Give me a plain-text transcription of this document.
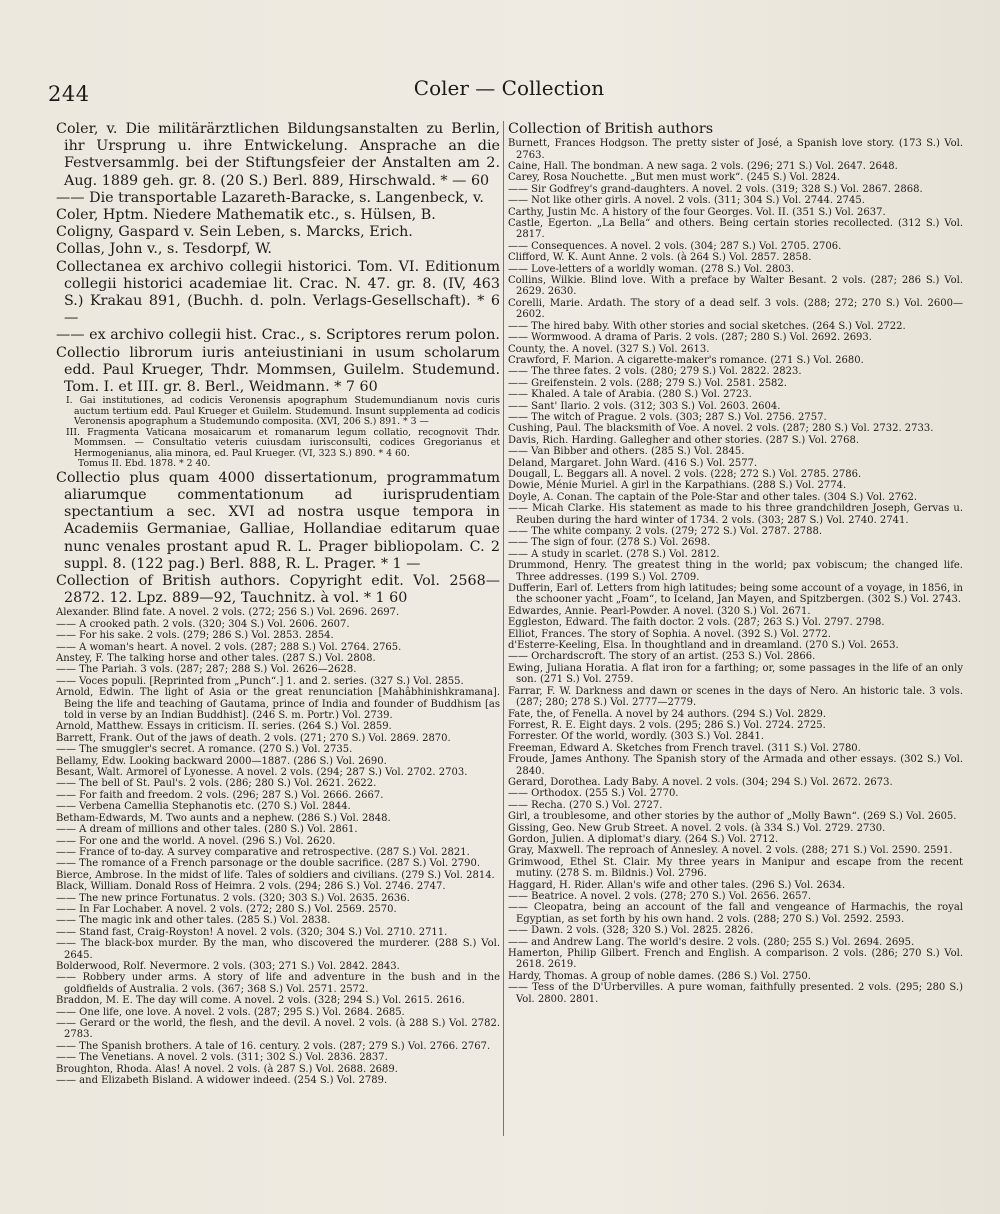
244	Coler — Collection

Coler, v. Die militärärztlichen Bildungsanstalten zu Berlin, ihr Ursprung u. ihre Entwickelung. Ansprache an die Festversammlg. bei der Stiftungsfeier der Anstalten am 2. Aug. 1889 geh. gr. 8. (20 S.) Berl. 889, Hirschwald. * — 60

—— Die transportable Lazareth-Baracke, s. Langenbeck, v.

Coler, Hptm. Niedere Mathematik etc., s. Hülsen, B.

Coligny, Gaspard v. Sein Leben, s. Marcks, Erich.

Collas, John v., s. Tesdorpf, W.

Collectanea ex archivo collegii historici. Tom. VI. Editionum collegii historici academiae lit. Crac. N. 47. gr. 8. (IV, 463 S.) Krakau 891, (Buchh. d. poln. Verlags-Gesellschaft). * 6 —

—— ex archivo collegii hist. Crac., s. Scriptores rerum polon.

Collectio librorum iuris anteiustiniani in usum scholarum edd. Paul Krueger, Thdr. Mommsen, Guilelm. Studemund. Tom. I. et III. gr. 8. Berl., Weidmann. * 7 60

I. Gai institutiones, ad codicis Veronensis apographum Studemundianum novis curis auctum tertium edd. Paul Krueger et Guilelm. Studemund. Insunt supplementa ad codicis Veronensis apographum a Studemundo composita. (XVI, 206 S.) 891. * 3 —

III. Fragmenta Vaticana mosaicarum et romanarum legum collatio, recognovit Thdr. Mommsen. — Consultatio veteris cuiusdam iurisconsulti, codices Gregorianus et Hermogenianus, alia minora, ed. Paul Krueger. (VI, 323 S.) 890. * 4 60.

Tomus II. Ebd. 1878. * 2 40.

Collectio plus quam 4000 dissertationum, programmatum aliarumque commentationum ad iurisprudentiam spectantium a sec. XVI ad nostra usque tempora in Academiis Germaniae, Galliae, Hollandiae editarum quae nunc venales prostant apud R. L. Prager bibliopolam. C. 2 suppl. 8. (122 pag.) Berl. 888, R. L. Prager. * 1 —

Collection of British authors. Copyright edit. Vol. 2568—2872. 12. Lpz. 889—92, Tauchnitz. à vol. * 1 60

Alexander. Blind fate. A novel. 2 vols. (272; 256 S.) Vol. 2696. 2697.

—— A crooked path. 2 vols. (320; 304 S.) Vol. 2606. 2607.

—— For his sake. 2 vols. (279; 286 S.) Vol. 2853. 2854.

—— A woman's heart. A novel. 2 vols. (287; 288 S.) Vol. 2764. 2765.

Anstey, F. The talking horse and other tales. (287 S.) Vol. 2808.

—— The Pariah. 3 vols. (287; 287; 288 S.) Vol. 2626—2628.

—— Voces populi. [Reprinted from „Punch“.] 1. and 2. series. (327 S.) Vol. 2855.

Arnold, Edwin. The light of Asia or the great renunciation [Mahâbhinishkramana]. Being the life and teaching of Gautama, prince of India and founder of Buddhism [as told in verse by an Indian Buddhist]. (246 S. m. Portr.) Vol. 2739.

Arnold, Matthew. Essays in criticism. II. series. (264 S.) Vol. 2859.

Barrett, Frank. Out of the jaws of death. 2 vols. (271; 270 S.) Vol. 2869. 2870.

—— The smuggler's secret. A romance. (270 S.) Vol. 2735.

Bellamy, Edw. Looking backward 2000—1887. (286 S.) Vol. 2690.

Besant, Walt. Armorel of Lyonesse. A novel. 2 vols. (294; 287 S.) Vol. 2702. 2703.

—— The bell of St. Paul's. 2 vols. (286; 280 S.) Vol. 2621. 2622.

—— For faith and freedom. 2 vols. (296; 287 S.) Vol. 2666. 2667.

—— Verbena Camellia Stephanotis etc. (270 S.) Vol. 2844.

Betham-Edwards, M. Two aunts and a nephew. (286 S.) Vol. 2848.

—— A dream of millions and other tales. (280 S.) Vol. 2861.

—— For one and the world. A novel. (296 S.) Vol. 2620.

—— France of to-day. A survey comparative and retrospective. (287 S.) Vol. 2821.

—— The romance of a French parsonage or the double sacrifice. (287 S.) Vol. 2790.

Bierce, Ambrose. In the midst of life. Tales of soldiers and civilians. (279 S.) Vol. 2814.

Black, William. Donald Ross of Heimra. 2 vols. (294; 286 S.) Vol. 2746. 2747.

—— The new prince Fortunatus. 2 vols. (320; 303 S.) Vol. 2635. 2636.

—— In Far Lochaber. A novel. 2 vols. (272; 280 S.) Vol. 2569. 2570.

—— The magic ink and other tales. (285 S.) Vol. 2838.

—— Stand fast, Craig-Royston! A novel. 2 vols. (320; 304 S.) Vol. 2710. 2711.

—— The black-box murder. By the man, who discovered the murderer. (288 S.) Vol. 2645.

Bolderwood, Rolf. Nevermore. 2 vols. (303; 271 S.) Vol. 2842. 2843.

—— Robbery under arms. A story of life and adventure in the bush and in the goldfields of Australia. 2 vols. (367; 368 S.) Vol. 2571. 2572.

Braddon, M. E. The day will come. A novel. 2 vols. (328; 294 S.) Vol. 2615. 2616.

—— One life, one love. A novel. 2 vols. (287; 295 S.) Vol. 2684. 2685.

—— Gerard or the world, the flesh, and the devil. A novel. 2 vols. (à 288 S.) Vol. 2782. 2783.

—— The Spanish brothers. A tale of 16. century. 2 vols. (287; 279 S.) Vol. 2766. 2767.

—— The Venetians. A novel. 2 vols. (311; 302 S.) Vol. 2836. 2837.

Broughton, Rhoda. Alas! A novel. 2 vols. (à 287 S.) Vol. 2688. 2689.

—— and Elizabeth Bisland. A widower indeed. (254 S.) Vol. 2789.

Collection of British authors

Burnett, Frances Hodgson. The pretty sister of José, a Spanish love story. (173 S.) Vol. 2763.

Caine, Hall. The bondman. A new saga. 2 vols. (296; 271 S.) Vol. 2647. 2648.

Carey, Rosa Nouchette. „But men must work“. (245 S.) Vol. 2824.

—— Sir Godfrey's grand-daughters. A novel. 2 vols. (319; 328 S.) Vol. 2867. 2868.

—— Not like other girls. A novel. 2 vols. (311; 304 S.) Vol. 2744. 2745.

Carthy, Justin Mc. A history of the four Georges. Vol. II. (351 S.) Vol. 2637.

Castle, Egerton. „La Bella“ and others. Being certain stories recollected. (312 S.) Vol. 2817.

—— Consequences. A novel. 2 vols. (304; 287 S.) Vol. 2705. 2706.

Clifford, W. K. Aunt Anne. 2 vols. (à 264 S.) Vol. 2857. 2858.

—— Love-letters of a worldly woman. (278 S.) Vol. 2803.

Collins, Wilkie. Blind love. With a preface by Walter Besant. 2 vols. (287; 286 S.) Vol. 2629. 2630.

Corelli, Marie. Ardath. The story of a dead self. 3 vols. (288; 272; 270 S.) Vol. 2600—2602.

—— The hired baby. With other stories and social sketches. (264 S.) Vol. 2722.

—— Wormwood. A drama of Paris. 2 vols. (287; 280 S.) Vol. 2692. 2693.

County, the. A novel. (327 S.) Vol. 2613.

Crawford, F. Marion. A cigarette-maker's romance. (271 S.) Vol. 2680.

—— The three fates. 2 vols. (280; 279 S.) Vol. 2822. 2823.

—— Greifenstein. 2 vols. (288; 279 S.) Vol. 2581. 2582.

—— Khaled. A tale of Arabia. (280 S.) Vol. 2723.

—— Sant' Ilario. 2 vols. (312; 303 S.) Vol. 2603. 2604.

—— The witch of Prague. 2 vols. (303; 287 S.) Vol. 2756. 2757.

Cushing, Paul. The blacksmith of Voe. A novel. 2 vols. (287; 280 S.) Vol. 2732. 2733.

Davis, Rich. Harding. Gallegher and other stories. (287 S.) Vol. 2768.

—— Van Bibber and others. (285 S.) Vol. 2845.

Deland, Margaret. John Ward. (416 S.) Vol. 2577.

Dougall, L. Beggars all. A novel. 2 vols. (228; 272 S.) Vol. 2785. 2786.

Dowie, Ménie Muriel. A girl in the Karpathians. (288 S.) Vol. 2774.

Doyle, A. Conan. The captain of the Pole-Star and other tales. (304 S.) Vol. 2762.

—— Micah Clarke. His statement as made to his three grandchildren Joseph, Gervas u. Reuben during the hard winter of 1734. 2 vols. (303; 287 S.) Vol. 2740. 2741.

—— The white company. 2 vols. (279; 272 S.) Vol. 2787. 2788.

—— The sign of four. (278 S.) Vol. 2698.

—— A study in scarlet. (278 S.) Vol. 2812.

Drummond, Henry. The greatest thing in the world; pax vobiscum; the changed life. Three addresses. (199 S.) Vol. 2709.

Dufferin, Earl of. Letters from high latitudes; being some account of a voyage, in 1856, in the schooner yacht „Foam“, to Iceland, Jan Mayen, and Spitzbergen. (302 S.) Vol. 2743.

Edwardes, Annie. Pearl-Powder. A novel. (320 S.) Vol. 2671.

Eggleston, Edward. The faith doctor. 2 vols. (287; 263 S.) Vol. 2797. 2798.

Elliot, Frances. The story of Sophia. A novel. (392 S.) Vol. 2772.

d'Esterre-Keeling, Elsa. In thoughtland and in dreamland. (270 S.) Vol. 2653.

—— Orchardscroft. The story of an artist. (253 S.) Vol. 2866.

Ewing, Juliana Horatia. A flat iron for a farthing; or, some passages in the life of an only son. (271 S.) Vol. 2759.

Farrar, F. W. Darkness and dawn or scenes in the days of Nero. An historic tale. 3 vols. (287; 280; 278 S.) Vol. 2777—2779.

Fate, the, of Fenella. A novel by 24 authors. (294 S.) Vol. 2829.

Forrest, R. E. Eight days. 2 vols. (295; 286 S.) Vol. 2724. 2725.

Forrester. Of the world, wordly. (303 S.) Vol. 2841.

Freeman, Edward A. Sketches from French travel. (311 S.) Vol. 2780.

Froude, James Anthony. The Spanish story of the Armada and other essays. (302 S.) Vol. 2840.

Gerard, Dorothea. Lady Baby. A novel. 2 vols. (304; 294 S.) Vol. 2672. 2673.

—— Orthodox. (255 S.) Vol. 2770.

—— Recha. (270 S.) Vol. 2727.

Girl, a troublesome, and other stories by the author of „Molly Bawn“. (269 S.) Vol. 2605.

Gissing, Geo. New Grub Street. A novel. 2 vols. (à 334 S.) Vol. 2729. 2730.

Gordon, Julien. A diplomat's diary. (264 S.) Vol. 2712.

Gray, Maxwell. The reproach of Annesley. A novel. 2 vols. (288; 271 S.) Vol. 2590. 2591.

Grimwood, Ethel St. Clair. My three years in Manipur and escape from the recent mutiny. (278 S. m. Bildnis.) Vol. 2796.

Haggard, H. Rider. Allan's wife and other tales. (296 S.) Vol. 2634.

—— Beatrice. A novel. 2 vols. (278; 270 S.) Vol. 2656. 2657.

—— Cleopatra, being an account of the fall and vengeance of Harmachis, the royal Egyptian, as set forth by his own hand. 2 vols. (288; 270 S.) Vol. 2592. 2593.

—— Dawn. 2 vols. (328; 320 S.) Vol. 2825. 2826.

—— and Andrew Lang. The world's desire. 2 vols. (280; 255 S.) Vol. 2694. 2695.

Hamerton, Philip Gilbert. French and English. A comparison. 2 vols. (286; 270 S.) Vol. 2618. 2619.

Hardy, Thomas. A group of noble dames. (286 S.) Vol. 2750.

—— Tess of the D'Urbervilles. A pure woman, faithfully presented. 2 vols. (295; 280 S.) Vol. 2800. 2801.
